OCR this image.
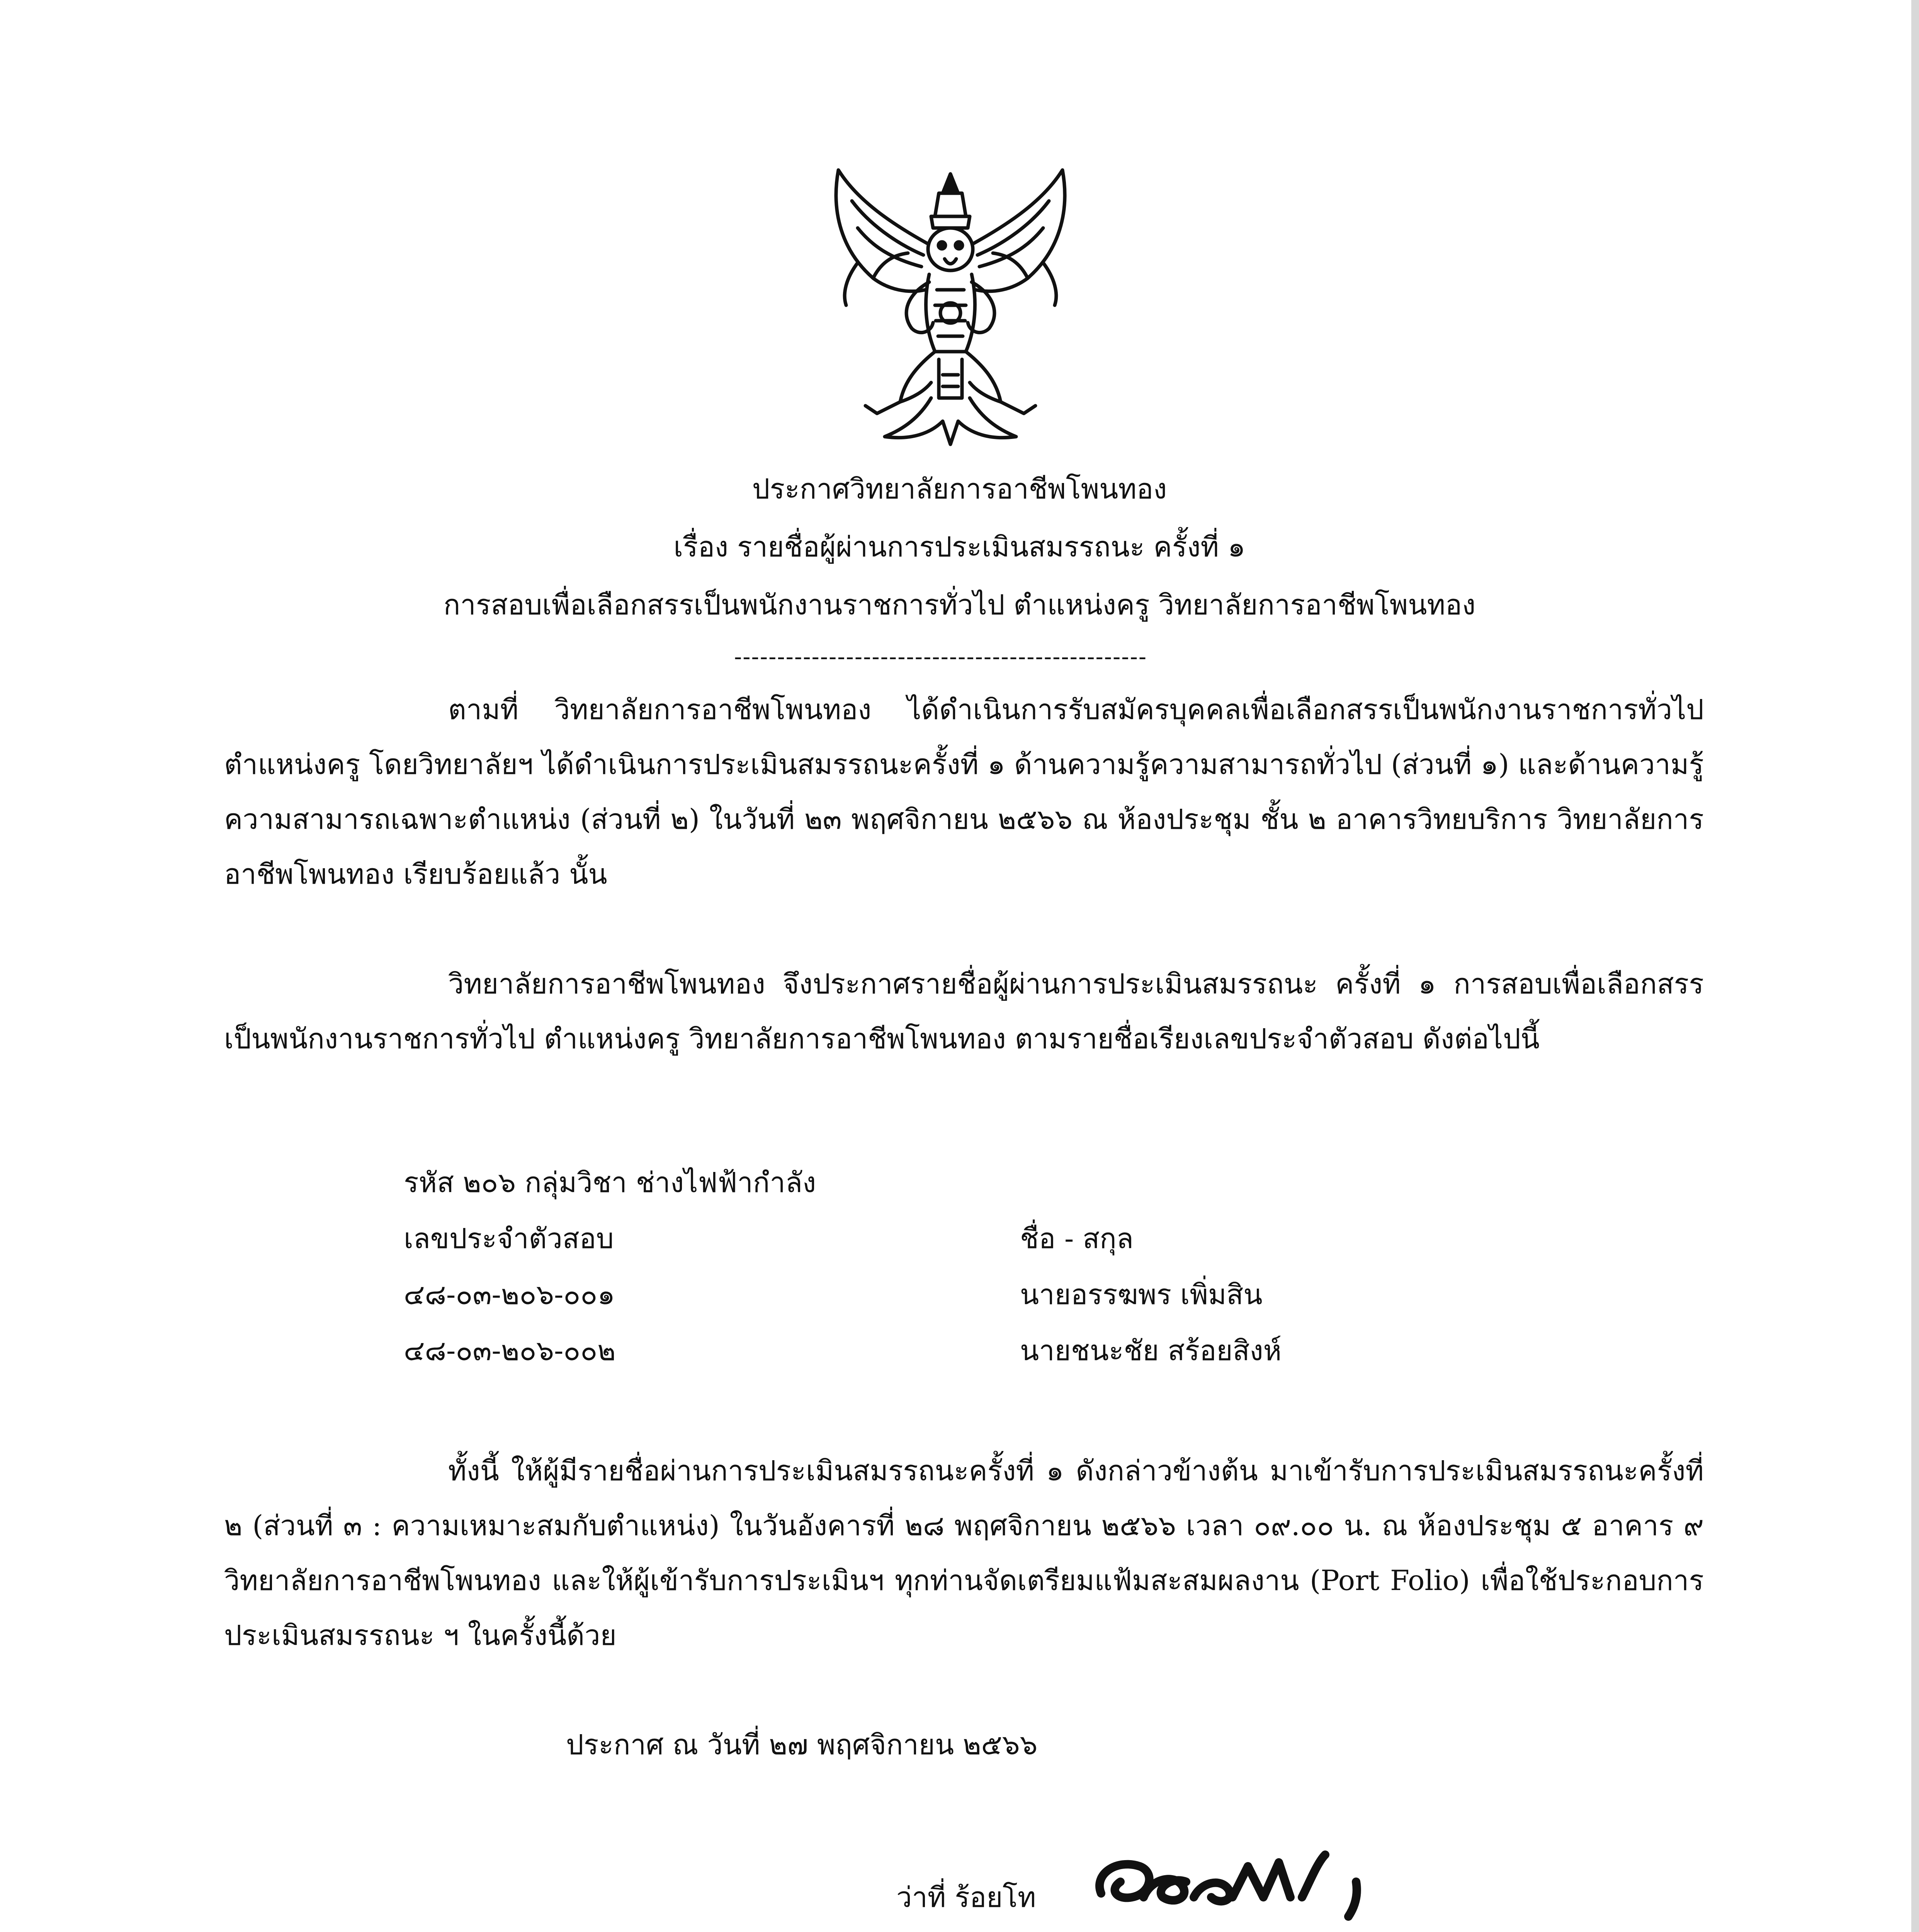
ประกาศวิทยาลัยการอาชีพโพนทอง
เรื่อง รายชื่อผู้ผ่านการประเมินสมรรถนะ ครั้งที่ ๑
การสอบเพื่อเลือกสรรเป็นพนักงานราชการทั่วไป ตำแหน่งครู วิทยาลัยการอาชีพโพนทอง
------------------------------------------------
ตามที่ วิทยาลัยการอาชีพโพนทอง ได้ดำเนินการรับสมัครบุคคลเพื่อเลือกสรรเป็นพนักงานราชการทั่วไป ตำแหน่งครู โดยวิทยาลัยฯ ได้ดำเนินการประเมินสมรรถนะครั้งที่ ๑ ด้านความรู้ความสามารถทั่วไป (ส่วนที่ ๑) และด้านความรู้ความสามารถเฉพาะตำแหน่ง (ส่วนที่ ๒) ในวันที่ ๒๓ พฤศจิกายน ๒๕๖๖ ณ ห้องประชุม ชั้น ๒ อาคารวิทยบริการ วิทยาลัยการอาชีพโพนทอง เรียบร้อยแล้ว นั้น
วิทยาลัยการอาชีพโพนทอง จึงประกาศรายชื่อผู้ผ่านการประเมินสมรรถนะ ครั้งที่ ๑ การสอบเพื่อเลือกสรรเป็นพนักงานราชการทั่วไป ตำแหน่งครู วิทยาลัยการอาชีพโพนทอง ตามรายชื่อเรียงเลขประจำตัวสอบ ดังต่อไปนี้
รหัส ๒๐๖ กลุ่มวิชา ช่างไฟฟ้ากำลัง
เลขประจำตัวสอบ	ชื่อ - สกุล
๔๘-๐๓-๒๐๖-๐๐๑	นายอรรฆพร เพิ่มสิน
๔๘-๐๓-๒๐๖-๐๐๒	นายชนะชัย สร้อยสิงห์
ทั้งนี้ ให้ผู้มีรายชื่อผ่านการประเมินสมรรถนะครั้งที่ ๑ ดังกล่าวข้างต้น มาเข้ารับการประเมินสมรรถนะครั้งที่ ๒ (ส่วนที่ ๓ : ความเหมาะสมกับตำแหน่ง) ในวันอังคารที่ ๒๘ พฤศจิกายน ๒๕๖๖ เวลา ๐๙.๐๐ น. ณ ห้องประชุม ๕ อาคาร ๙ วิทยาลัยการอาชีพโพนทอง และให้ผู้เข้ารับการประเมินฯ ทุกท่านจัดเตรียมแฟ้มสะสมผลงาน (Port Folio) เพื่อใช้ประกอบการประเมินสมรรถนะ ฯ ในครั้งนี้ด้วย
ประกาศ ณ วันที่ ๒๗ พฤศจิกายน ๒๕๖๖
ว่าที่ ร้อยโท
